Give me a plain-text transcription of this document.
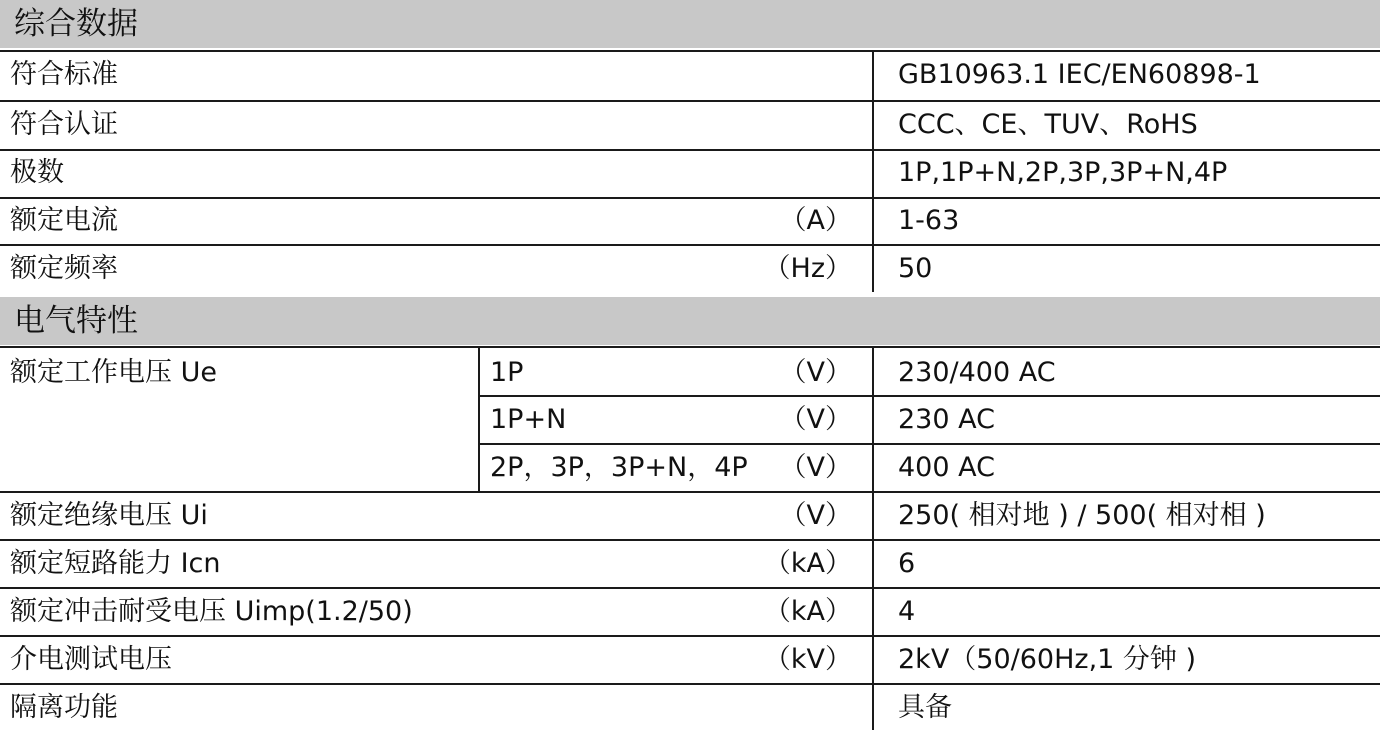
综合数据
符合标准	GB10963.1 IEC/EN60898-1
符合认证	CCC、CE、TUV、RoHS
极数	1P,1P+N,2P,3P,3P+N,4P
额定电流	（A） 1-63
额定频率	（Hz） 50
电气特性
额定工作电压 Ue	1P	（V） 230/400 AC
1P+N	（V） 230 AC
2P，3P，3P+N，4P （V） 400 AC
额定绝缘电压 Ui	（V） 250( 相对地 ) / 500( 相对相 )
额定短路能力 Icn	（kA） 6
额定冲击耐受电压 Uimp(1.2/50)	（kA） 4
介电测试电压	（kV） 2kV（50/60Hz,1 分钟 )
隔离功能	具备
